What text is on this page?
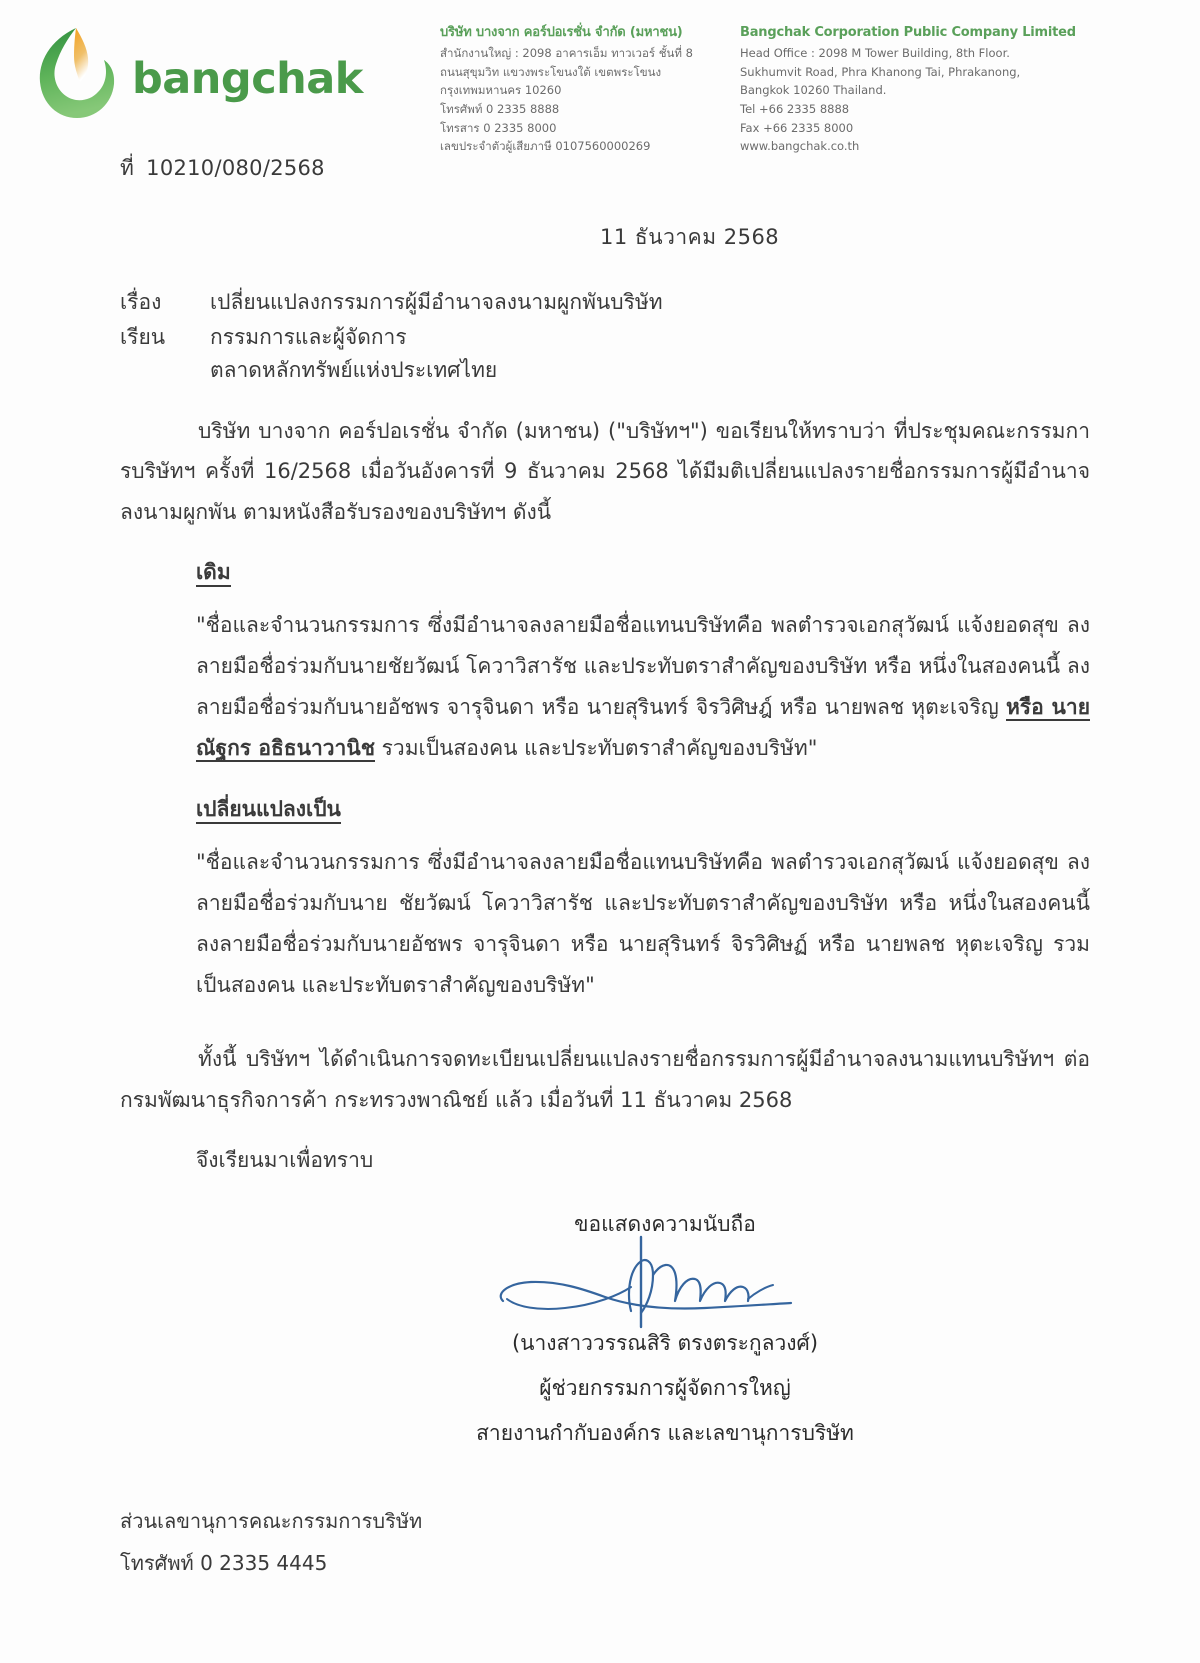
bangchak
บริษัท บางจาก คอร์ปอเรชั่น จำกัด (มหาชน)
สำนักงานใหญ่ : 2098 อาคารเอ็ม ทาวเวอร์ ชั้นที่ 8
ถนนสุขุมวิท แขวงพระโขนงใต้ เขตพระโขนง
กรุงเทพมหานคร 10260
โทรศัพท์ 0 2335 8888
โทรสาร 0 2335 8000
เลขประจำตัวผู้เสียภาษี 0107560000269
Bangchak Corporation Public Company Limited
Head Office : 2098 M Tower Building, 8th Floor.
Sukhumvit Road, Phra Khanong Tai, Phrakanong,
Bangkok 10260 Thailand.
Tel +66 2335 8888
Fax +66 2335 8000
www.bangchak.co.th
ที่ 10210/080/2568
11 ธันวาคม 2568
เรื่อง	เปลี่ยนแปลงกรรมการผู้มีอำนาจลงนามผูกพันบริษัท
เรียน	กรรมการและผู้จัดการ
ตลาดหลักทรัพย์แห่งประเทศไทย
บริษัท บางจาก คอร์ปอเรชั่น จำกัด (มหาชน) ("บริษัทฯ") ขอเรียนให้ทราบว่า ที่ประชุมคณะกรรมการบริษัทฯ ครั้งที่ 16/2568 เมื่อวันอังคารที่ 9 ธันวาคม 2568 ได้มีมติเปลี่ยนแปลงรายชื่อกรรมการผู้มีอำนาจลงนามผูกพัน ตามหนังสือรับรองของบริษัทฯ ดังนี้
เดิม
"ชื่อและจำนวนกรรมการ ซึ่งมีอำนาจลงลายมือชื่อแทนบริษัทคือ พลตำรวจเอกสุวัฒน์ แจ้งยอดสุข ลงลายมือชื่อร่วมกับนายชัยวัฒน์ โควาวิสารัช และประทับตราสำคัญของบริษัท หรือ หนึ่งในสองคนนี้ ลงลายมือชื่อร่วมกับนายอัชพร จารุจินดา หรือ นายสุรินทร์ จิรวิศิษฎ์ หรือ นายพลช หุตะเจริญ หรือ นายณัฐกร อธิธนาวานิช รวมเป็นสองคน และประทับตราสำคัญของบริษัท"
เปลี่ยนแปลงเป็น
"ชื่อและจำนวนกรรมการ ซึ่งมีอำนาจลงลายมือชื่อแทนบริษัทคือ พลตำรวจเอกสุวัฒน์ แจ้งยอดสุข ลงลายมือชื่อร่วมกับนาย ชัยวัฒน์ โควาวิสารัช และประทับตราสำคัญของบริษัท หรือ หนึ่งในสองคนนี้ ลงลายมือชื่อร่วมกับนายอัชพร จารุจินดา หรือ นายสุรินทร์ จิรวิศิษฏ์ หรือ นายพลช หุตะเจริญ รวมเป็นสองคน และประทับตราสำคัญของบริษัท"
ทั้งนี้ บริษัทฯ ได้ดำเนินการจดทะเบียนเปลี่ยนแปลงรายชื่อกรรมการผู้มีอำนาจลงนามแทนบริษัทฯ ต่อกรมพัฒนาธุรกิจการค้า กระทรวงพาณิชย์ แล้ว เมื่อวันที่ 11 ธันวาคม 2568
จึงเรียนมาเพื่อทราบ
ขอแสดงความนับถือ
(นางสาววรรณสิริ ตรงตระกูลวงศ์)
ผู้ช่วยกรรมการผู้จัดการใหญ่
สายงานกำกับองค์กร และเลขานุการบริษัท
ส่วนเลขานุการคณะกรรมการบริษัท
โทรศัพท์ 0 2335 4445
